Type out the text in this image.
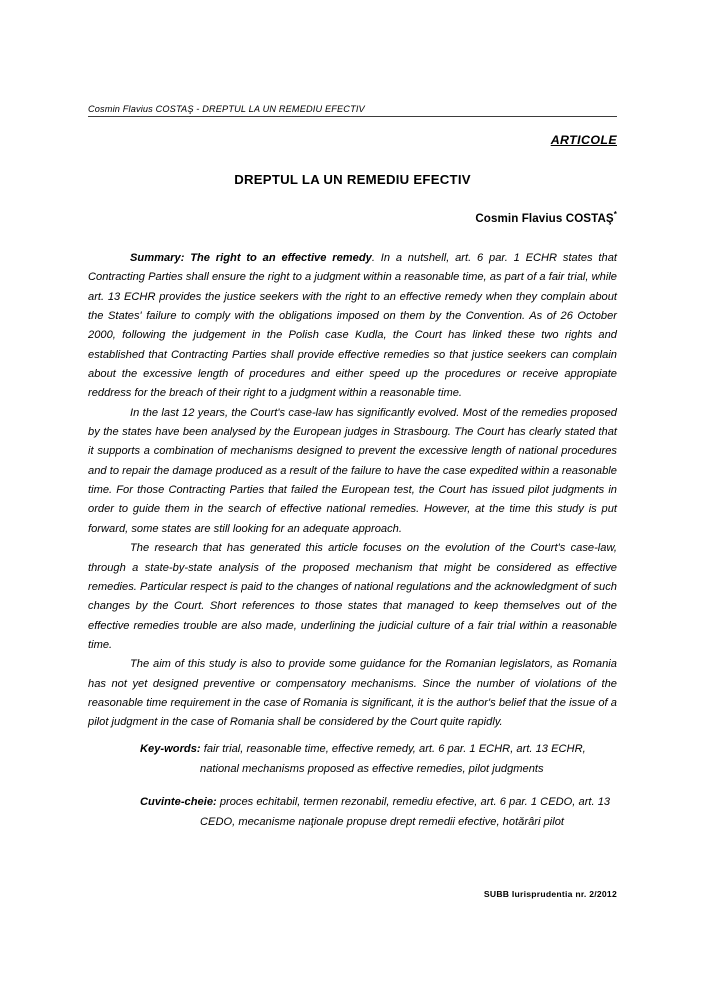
Cosmin Flavius COSTAŞ - DREPTUL LA UN REMEDIU EFECTIV
ARTICOLE
DREPTUL LA UN REMEDIU EFECTIV
Cosmin Flavius COSTAŞ*

Summary: The right to an effective remedy. In a nutshell, art. 6 par. 1 ECHR states that Contracting Parties shall ensure the right to a judgment within a reasonable time, as part of a fair trial, while art. 13 ECHR provides the justice seekers with the right to an effective remedy when they complain about the States' failure to comply with the obligations imposed on them by the Convention. As of 26 October 2000, following the judgement in the Polish case Kudla, the Court has linked these two rights and established that Contracting Parties shall provide effective remedies so that justice seekers can complain about the excessive length of procedures and either speed up the procedures or receive appropiate reddress for the breach of their right to a judgment within a reasonable time.

In the last 12 years, the Court's case-law has significantly evolved. Most of the remedies proposed by the states have been analysed by the European judges in Strasbourg. The Court has clearly stated that it supports a combination of mechanisms designed to prevent the excessive length of national procedures and to repair the damage produced as a result of the failure to have the case expedited within a reasonable time. For those Contracting Parties that failed the European test, the Court has issued pilot judgments in order to guide them in the search of effective national remedies. However, at the time this study is put forward, some states are still looking for an adequate approach.

The research that has generated this article focuses on the evolution of the Court's case-law, through a state-by-state analysis of the proposed mechanism that might be considered as effective remedies. Particular respect is paid to the changes of national regulations and the acknowledgment of such changes by the Court. Short references to those states that managed to keep themselves out of the effective remedies trouble are also made, underlining the judicial culture of a fair trial within a reasonable time.

The aim of this study is also to provide some guidance for the Romanian legislators, as Romania has not yet designed preventive or compensatory mechanisms. Since the number of violations of the reasonable time requirement in the case of Romania is significant, it is the author's belief that the issue of a pilot judgment in the case of Romania shall be considered by the Court quite rapidly.

Key-words: fair trial, reasonable time, effective remedy, art. 6 par. 1 ECHR, art. 13 ECHR, national mechanisms proposed as effective remedies, pilot judgments

Cuvinte-cheie: proces echitabil, termen rezonabil, remediu efective, art. 6 par. 1 CEDO, art. 13 CEDO, mecanisme naţionale propuse drept remedii efective, hotărâri pilot

SUBB Iurisprudentia nr. 2/2012
